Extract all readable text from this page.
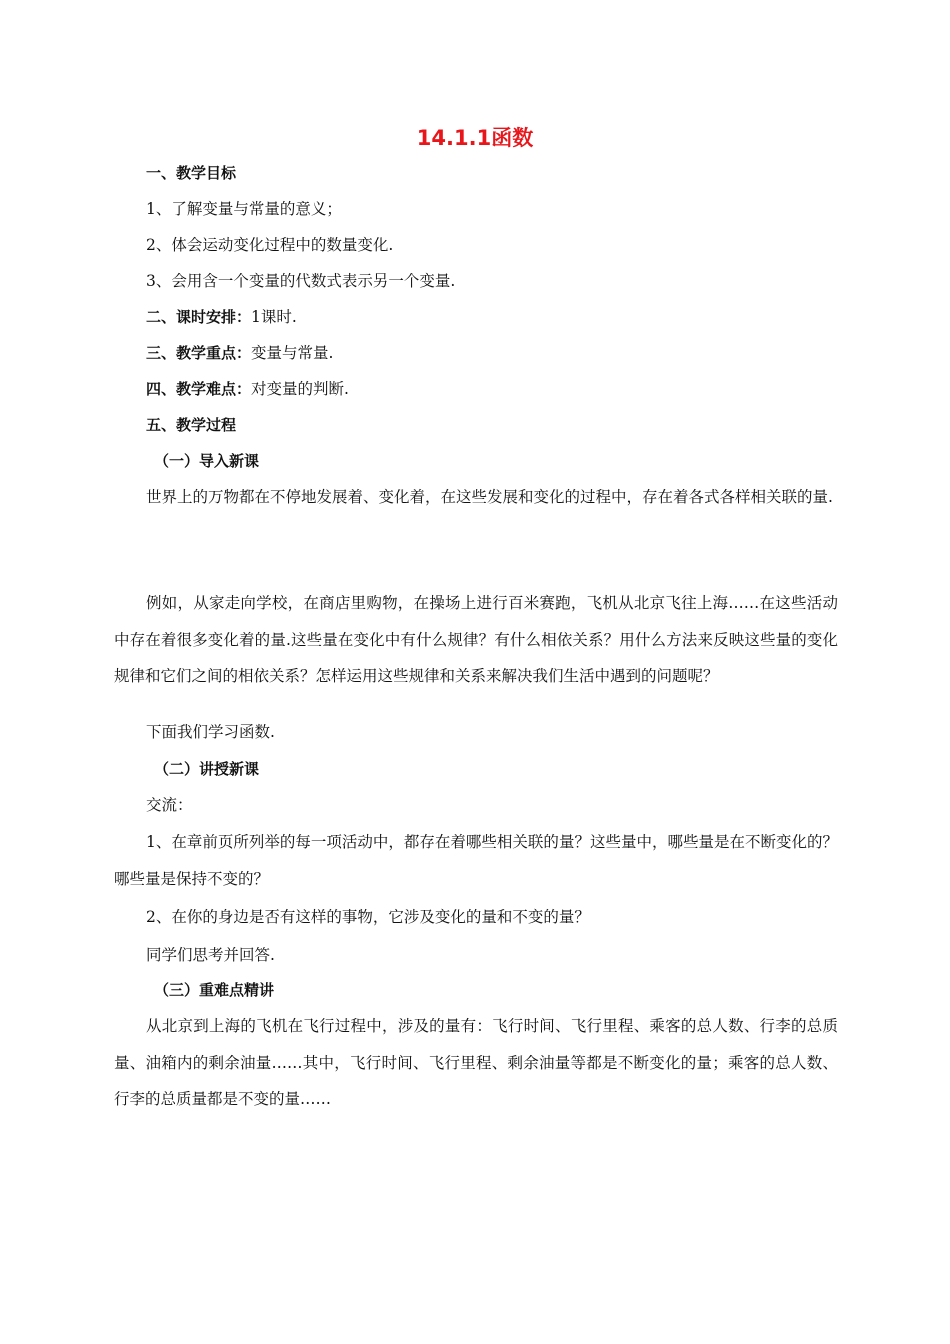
14.1.1函数
一、教学目标
1、了解变量与常量的意义；
2、体会运动变化过程中的数量变化.
3、会用含一个变量的代数式表示另一个变量.
二、课时安排：1课时.
三、教学重点：变量与常量.
四、教学难点：对变量的判断.
五、教学过程
（一）导入新课
世界上的万物都在不停地发展着、变化着，在这些发展和变化的过程中，存在着各式各样相关联的量.
例如，从家走向学校，在商店里购物，在操场上进行百米赛跑，飞机从北京飞往上海……在这些活动中存在着很多变化着的量.这些量在变化中有什么规律？有什么相依关系？用什么方法来反映这些量的变化规律和它们之间的相依关系？怎样运用这些规律和关系来解决我们生活中遇到的问题呢？
下面我们学习函数.
（二）讲授新课
交流：
1、在章前页所列举的每一项活动中，都存在着哪些相关联的量？这些量中，哪些量是在不断变化的？哪些量是保持不变的？
2、在你的身边是否有这样的事物，它涉及变化的量和不变的量？
同学们思考并回答.
（三）重难点精讲
从北京到上海的飞机在飞行过程中，涉及的量有：飞行时间、飞行里程、乘客的总人数、行李的总质量、油箱内的剩余油量……其中，飞行时间、飞行里程、剩余油量等都是不断变化的量；乘客的总人数、行李的总质量都是不变的量……
